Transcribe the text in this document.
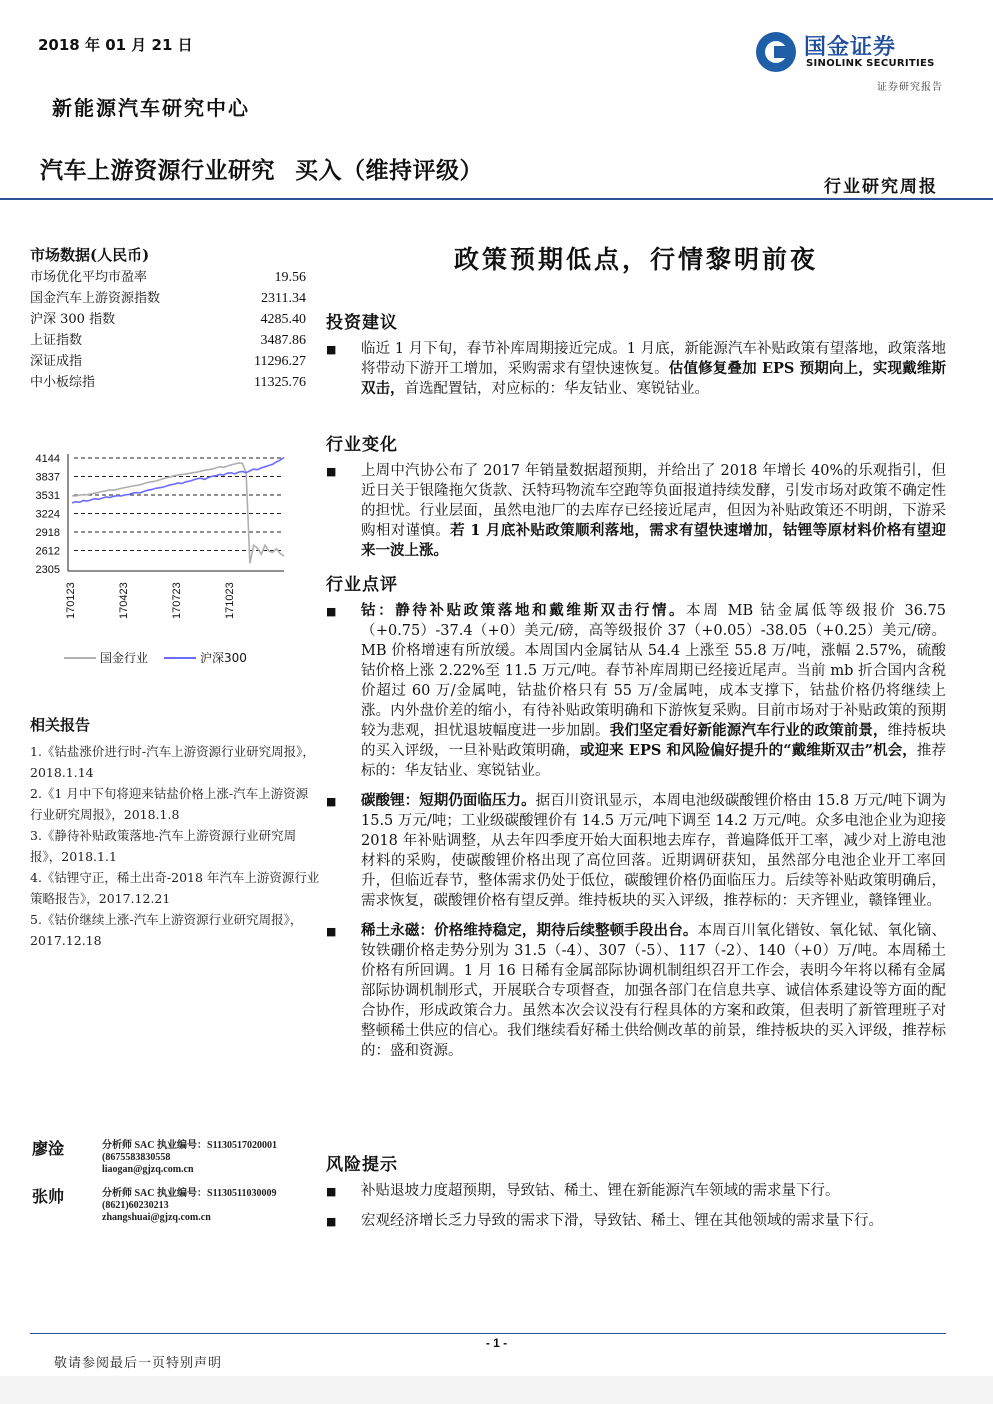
2018 年 01 月 21 日
新能源汽车研究中心
汽车上游资源行业研究 买入（维持评级）
行业研究周报
国金证券
SINOLINK SECURITIES
证券研究报告
市场数据(人民币)
市场优化平均市盈率	19.56
国金汽车上游资源指数	2311.34
沪深 300 指数	4285.40
上证指数	3487.86
深证成指	11296.27
中小板综指	11325.76
4144
3837
3531
3224
2918
2612
2305
170123	170423	170723	171023
国金行业	沪深300
相关报告
1.《钴盐涨价进行时-汽车上游资源行业研究周报》，2018.1.14
2.《1 月中下旬将迎来钴盐价格上涨-汽车上游资源行业研究周报》，2018.1.8
3.《静待补贴政策落地-汽车上游资源行业研究周报》，2018.1.1
4.《钴锂守正，稀土出奇-2018 年汽车上游资源行业策略报告》，2017.12.21
5.《钴价继续上涨-汽车上游资源行业研究周报》，2017.12.18
廖淦	分析师 SAC 执业编号：S1130517020001
(8675583830558
liaogan@gjzq.com.cn
张帅	分析师 SAC 执业编号：S1130511030009
(8621)60230213
zhangshuai@gjzq.com.cn
政策预期低点，行情黎明前夜
投资建议
■	临近 1 月下旬，春节补库周期接近完成。1 月底，新能源汽车补贴政策有望落地，政策落地将带动下游开工增加，采购需求有望快速恢复。估值修复叠加 EPS 预期向上，实现戴维斯双击，首选配置钴，对应标的：华友钴业、寒锐钴业。
行业变化
■	上周中汽协公布了 2017 年销量数据超预期，并给出了 2018 年增长 40%的乐观指引，但近日关于银隆拖欠货款、沃特玛物流车空跑等负面报道持续发酵，引发市场对政策不确定性的担忧。行业层面，虽然电池厂的去库存已经接近尾声，但因为补贴政策还不明朗，下游采购相对谨慎。若 1 月底补贴政策顺利落地，需求有望快速增加，钴锂等原材料价格有望迎来一波上涨。
行业点评
■	钴：静待补贴政策落地和戴维斯双击行情。本周 MB 钴金属低等级报价 36.75（+0.75）-37.4（+0）美元/磅，高等级报价 37（+0.05）-38.05（+0.25）美元/磅。MB 价格增速有所放缓。本周国内金属钴从 54.4 上涨至 55.8 万/吨，涨幅 2.57%，硫酸钴价格上涨 2.22%至 11.5 万元/吨。春节补库周期已经接近尾声。当前 mb 折合国内含税价超过 60 万/金属吨，钴盐价格只有 55 万/金属吨，成本支撑下，钴盐价格仍将继续上涨。内外盘价差的缩小，有待补贴政策明确和下游恢复采购。目前市场对于补贴政策的预期较为悲观，担忧退坡幅度进一步加剧。我们坚定看好新能源汽车行业的政策前景，维持板块的买入评级，一旦补贴政策明确，或迎来 EPS 和风险偏好提升的“戴维斯双击”机会，推荐标的：华友钴业、寒锐钴业。
■	碳酸锂：短期仍面临压力。据百川资讯显示，本周电池级碳酸锂价格由 15.8 万元/吨下调为 15.5 万元/吨；工业级碳酸锂价有 14.5 万元/吨下调至 14.2 万元/吨。众多电池企业为迎接 2018 年补贴调整，从去年四季度开始大面积地去库存，普遍降低开工率，减少对上游电池材料的采购，使碳酸锂价格出现了高位回落。近期调研获知，虽然部分电池企业开工率回升，但临近春节，整体需求仍处于低位，碳酸锂价格仍面临压力。后续等补贴政策明确后，需求恢复，碳酸锂价格有望反弹。维持板块的买入评级，推荐标的：天齐锂业，赣锋锂业。
■	稀土永磁：价格维持稳定，期待后续整顿手段出台。本周百川氧化镨钕、氧化铽、氧化镝、钕铁硼价格走势分别为 31.5（-4）、307（-5）、117（-2）、140（+0）万/吨。本周稀土价格有所回调。1 月 16 日稀有金属部际协调机制组织召开工作会，表明今年将以稀有金属部际协调机制形式，开展联合专项督查，加强各部门在信息共享、诚信体系建设等方面的配合协作，形成政策合力。虽然本次会议没有行程具体的方案和政策，但表明了新管理班子对整顿稀土供应的信心。我们继续看好稀土供给侧改革的前景，维持板块的买入评级，推荐标的：盛和资源。
风险提示
■	补贴退坡力度超预期，导致钴、稀土、锂在新能源汽车领域的需求量下行。
■	宏观经济增长乏力导致的需求下滑，导致钴、稀土、锂在其他领域的需求量下行。
- 1 -
敬请参阅最后一页特别声明
